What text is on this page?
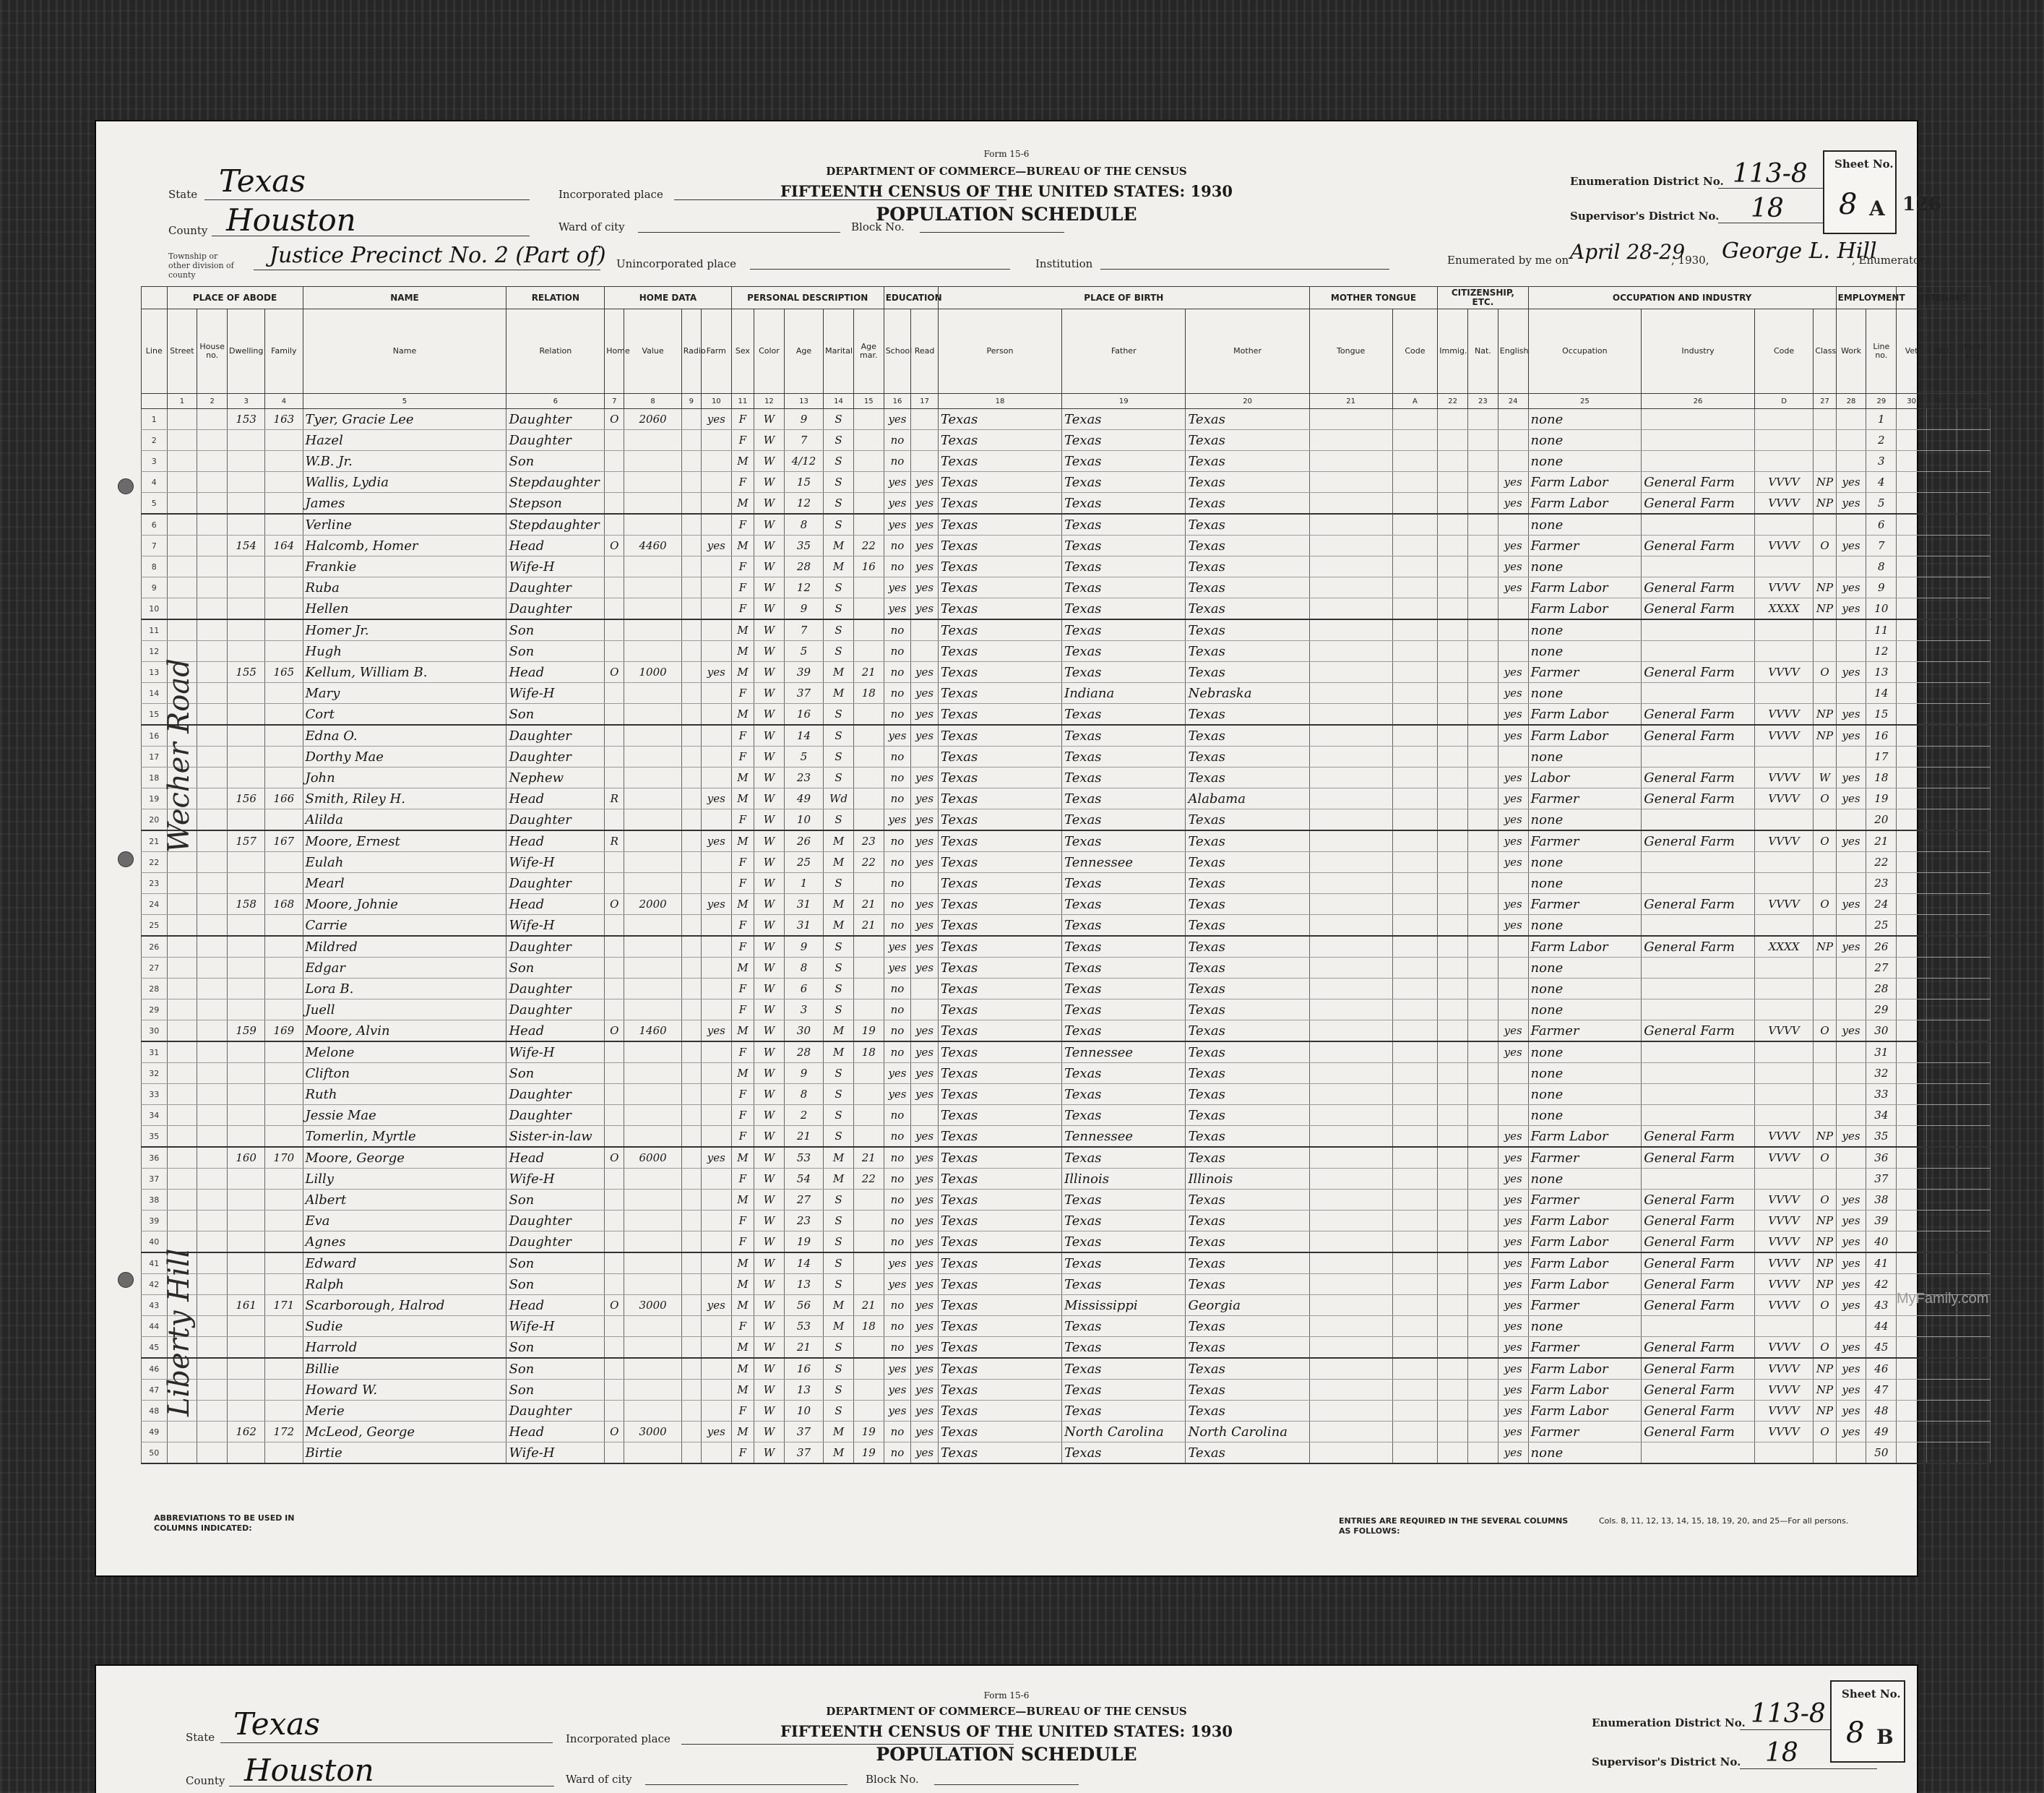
Form 15-6
DEPARTMENT OF COMMERCE—BUREAU OF THE CENSUS
FIFTEENTH CENSUS OF THE UNITED STATES: 1930
POPULATION SCHEDULE
State Texas
County Houston
Township or other division of county
Justice Precinct No. 2 (Part of)
Incorporated place
Ward of city	Block No.
Unincorporated place	Institution
Enumeration District No. 113-8
Supervisor's District No. 18
Enumerated by me on April 28-29
, 1930, George L. Hill
, Enumerator.
Sheet No.
8 A 126
	PLACE OF ABODE				NAME	RELATION	HOME DATA				PERSONAL DESCRIPTION					EDUCATION		PLACE OF BIRTH			MOTHER TONGUE		CITIZENSHIP, ETC.			OCCUPATION AND INDUSTRY				EMPLOYMENT		VETERANS		
Line	Street	House no.	Dwelling	Family	Name	Relation	Home	Value	Radio	Farm	Sex	Color	Age	Marital	Age mar.	School	Read	Person	Father	Mother	Tongue	Code	Immig.	Nat.	English	Occupation	Industry	Code	Class	Work	Line no.	Vet	War	Farm sch.
	1	2	3	4	5	6	7	8	9	10	11	12	13	14	15	16	17	18	19	20	21	A	22	23	24	25	26	D	27	28	29	30	31	32
1			153	163	Tyer, Gracie Lee	Daughter	O	2060		yes	F	W	9	S		yes		Texas	Texas	Texas						none					1			
2					Hazel	Daughter					F	W	7	S		no		Texas	Texas	Texas						none					2			
3					W.B. Jr.	Son					M	W	4/12	S		no		Texas	Texas	Texas						none					3			
4					Wallis, Lydia	Stepdaughter					F	W	15	S		yes	yes	Texas	Texas	Texas					yes	Farm Labor	General Farm	VVVV	NP	yes	4			
5					James	Stepson					M	W	12	S		yes	yes	Texas	Texas	Texas					yes	Farm Labor	General Farm	VVVV	NP	yes	5			
6					Verline	Stepdaughter					F	W	8	S		yes	yes	Texas	Texas	Texas						none					6			
7			154	164	Halcomb, Homer	Head	O	4460		yes	M	W	35	M	22	no	yes	Texas	Texas	Texas					yes	Farmer	General Farm	VVVV	O	yes	7			
8					Frankie	Wife-H					F	W	28	M	16	no	yes	Texas	Texas	Texas					yes	none					8			
9					Ruba	Daughter					F	W	12	S		yes	yes	Texas	Texas	Texas					yes	Farm Labor	General Farm	VVVV	NP	yes	9			
10					Hellen	Daughter					F	W	9	S		yes	yes	Texas	Texas	Texas						Farm Labor	General Farm	XXXX	NP	yes	10			
11					Homer Jr.	Son					M	W	7	S		no		Texas	Texas	Texas						none					11			
12					Hugh	Son					M	W	5	S		no		Texas	Texas	Texas						none					12			
13			155	165	Kellum, William B.	Head	O	1000		yes	M	W	39	M	21	no	yes	Texas	Texas	Texas					yes	Farmer	General Farm	VVVV	O	yes	13			
14					Mary	Wife-H					F	W	37	M	18	no	yes	Texas	Indiana	Nebraska					yes	none					14			
15					Cort	Son					M	W	16	S		no	yes	Texas	Texas	Texas					yes	Farm Labor	General Farm	VVVV	NP	yes	15			
16					Edna O.	Daughter					F	W	14	S		yes	yes	Texas	Texas	Texas					yes	Farm Labor	General Farm	VVVV	NP	yes	16			
17					Dorthy Mae	Daughter					F	W	5	S		no		Texas	Texas	Texas						none					17			
18					John	Nephew					M	W	23	S		no	yes	Texas	Texas	Texas					yes	Labor	General Farm	VVVV	W	yes	18			
19			156	166	Smith, Riley H.	Head	R			yes	M	W	49	Wd		no	yes	Texas	Texas	Alabama					yes	Farmer	General Farm	VVVV	O	yes	19			
20					Alilda	Daughter					F	W	10	S		yes	yes	Texas	Texas	Texas					yes	none					20			
21			157	167	Moore, Ernest	Head	R			yes	M	W	26	M	23	no	yes	Texas	Texas	Texas					yes	Farmer	General Farm	VVVV	O	yes	21			
22					Eulah	Wife-H					F	W	25	M	22	no	yes	Texas	Tennessee	Texas					yes	none					22			
23					Mearl	Daughter					F	W	1	S		no		Texas	Texas	Texas						none					23			
24			158	168	Moore, Johnie	Head	O	2000		yes	M	W	31	M	21	no	yes	Texas	Texas	Texas					yes	Farmer	General Farm	VVVV	O	yes	24			
25					Carrie	Wife-H					F	W	31	M	21	no	yes	Texas	Texas	Texas					yes	none					25			
26					Mildred	Daughter					F	W	9	S		yes	yes	Texas	Texas	Texas						Farm Labor	General Farm	XXXX	NP	yes	26			
27					Edgar	Son					M	W	8	S		yes	yes	Texas	Texas	Texas						none					27			
28					Lora B.	Daughter					F	W	6	S		no		Texas	Texas	Texas						none					28			
29					Juell	Daughter					F	W	3	S		no		Texas	Texas	Texas						none					29			
30			159	169	Moore, Alvin	Head	O	1460		yes	M	W	30	M	19	no	yes	Texas	Texas	Texas					yes	Farmer	General Farm	VVVV	O	yes	30			
31					Melone	Wife-H					F	W	28	M	18	no	yes	Texas	Tennessee	Texas					yes	none					31			
32					Clifton	Son					M	W	9	S		yes	yes	Texas	Texas	Texas						none					32			
33					Ruth	Daughter					F	W	8	S		yes	yes	Texas	Texas	Texas						none					33			
34					Jessie Mae	Daughter					F	W	2	S		no		Texas	Texas	Texas						none					34			
35					Tomerlin, Myrtle	Sister-in-law					F	W	21	S		no	yes	Texas	Tennessee	Texas					yes	Farm Labor	General Farm	VVVV	NP	yes	35			
36			160	170	Moore, George	Head	O	6000		yes	M	W	53	M	21	no	yes	Texas	Texas	Texas					yes	Farmer	General Farm	VVVV	O		36			
37					Lilly	Wife-H					F	W	54	M	22	no	yes	Texas	Illinois	Illinois					yes	none					37			
38					Albert	Son					M	W	27	S		no	yes	Texas	Texas	Texas					yes	Farmer	General Farm	VVVV	O	yes	38			
39					Eva	Daughter					F	W	23	S		no	yes	Texas	Texas	Texas					yes	Farm Labor	General Farm	VVVV	NP	yes	39			
40					Agnes	Daughter					F	W	19	S		no	yes	Texas	Texas	Texas					yes	Farm Labor	General Farm	VVVV	NP	yes	40			
41					Edward	Son					M	W	14	S		yes	yes	Texas	Texas	Texas					yes	Farm Labor	General Farm	VVVV	NP	yes	41			
42					Ralph	Son					M	W	13	S		yes	yes	Texas	Texas	Texas					yes	Farm Labor	General Farm	VVVV	NP	yes	42			
43			161	171	Scarborough, Halrod	Head	O	3000		yes	M	W	56	M	21	no	yes	Texas	Mississippi	Georgia					yes	Farmer	General Farm	VVVV	O	yes	43			
44					Sudie	Wife-H					F	W	53	M	18	no	yes	Texas	Texas	Texas					yes	none					44			
45					Harrold	Son					M	W	21	S		no	yes	Texas	Texas	Texas					yes	Farmer	General Farm	VVVV	O	yes	45			
46					Billie	Son					M	W	16	S		yes	yes	Texas	Texas	Texas					yes	Farm Labor	General Farm	VVVV	NP	yes	46			
47					Howard W.	Son					M	W	13	S		yes	yes	Texas	Texas	Texas					yes	Farm Labor	General Farm	VVVV	NP	yes	47			
48					Merie	Daughter					F	W	10	S		yes	yes	Texas	Texas	Texas					yes	Farm Labor	General Farm	VVVV	NP	yes	48			
49			162	172	McLeod, George	Head	O	3000		yes	M	W	37	M	19	no	yes	Texas	North Carolina	North Carolina					yes	Farmer	General Farm	VVVV	O	yes	49			
50					Birtie	Wife-H					F	W	37	M	19	no	yes	Texas	Texas	Texas					yes	none					50			
ABBREVIATIONS TO BE USED IN COLUMNS INDICATED:
ENTRIES ARE REQUIRED IN THE SEVERAL COLUMNS AS FOLLOWS:
Cols. 8, 11, 12, 13, 14, 15, 18, 19, 20, and 25—For all persons.
Wecher Road
Liberty Hill	MyFamily.com
Form 15-6
DEPARTMENT OF COMMERCE—BUREAU OF THE CENSUS
FIFTEENTH CENSUS OF THE UNITED STATES: 1930
POPULATION SCHEDULE
State Texas
County Houston
Incorporated place
Ward of city	Block No.
Enumeration District No. 113-8
Supervisor's District No. 18
Sheet No.
8 B
